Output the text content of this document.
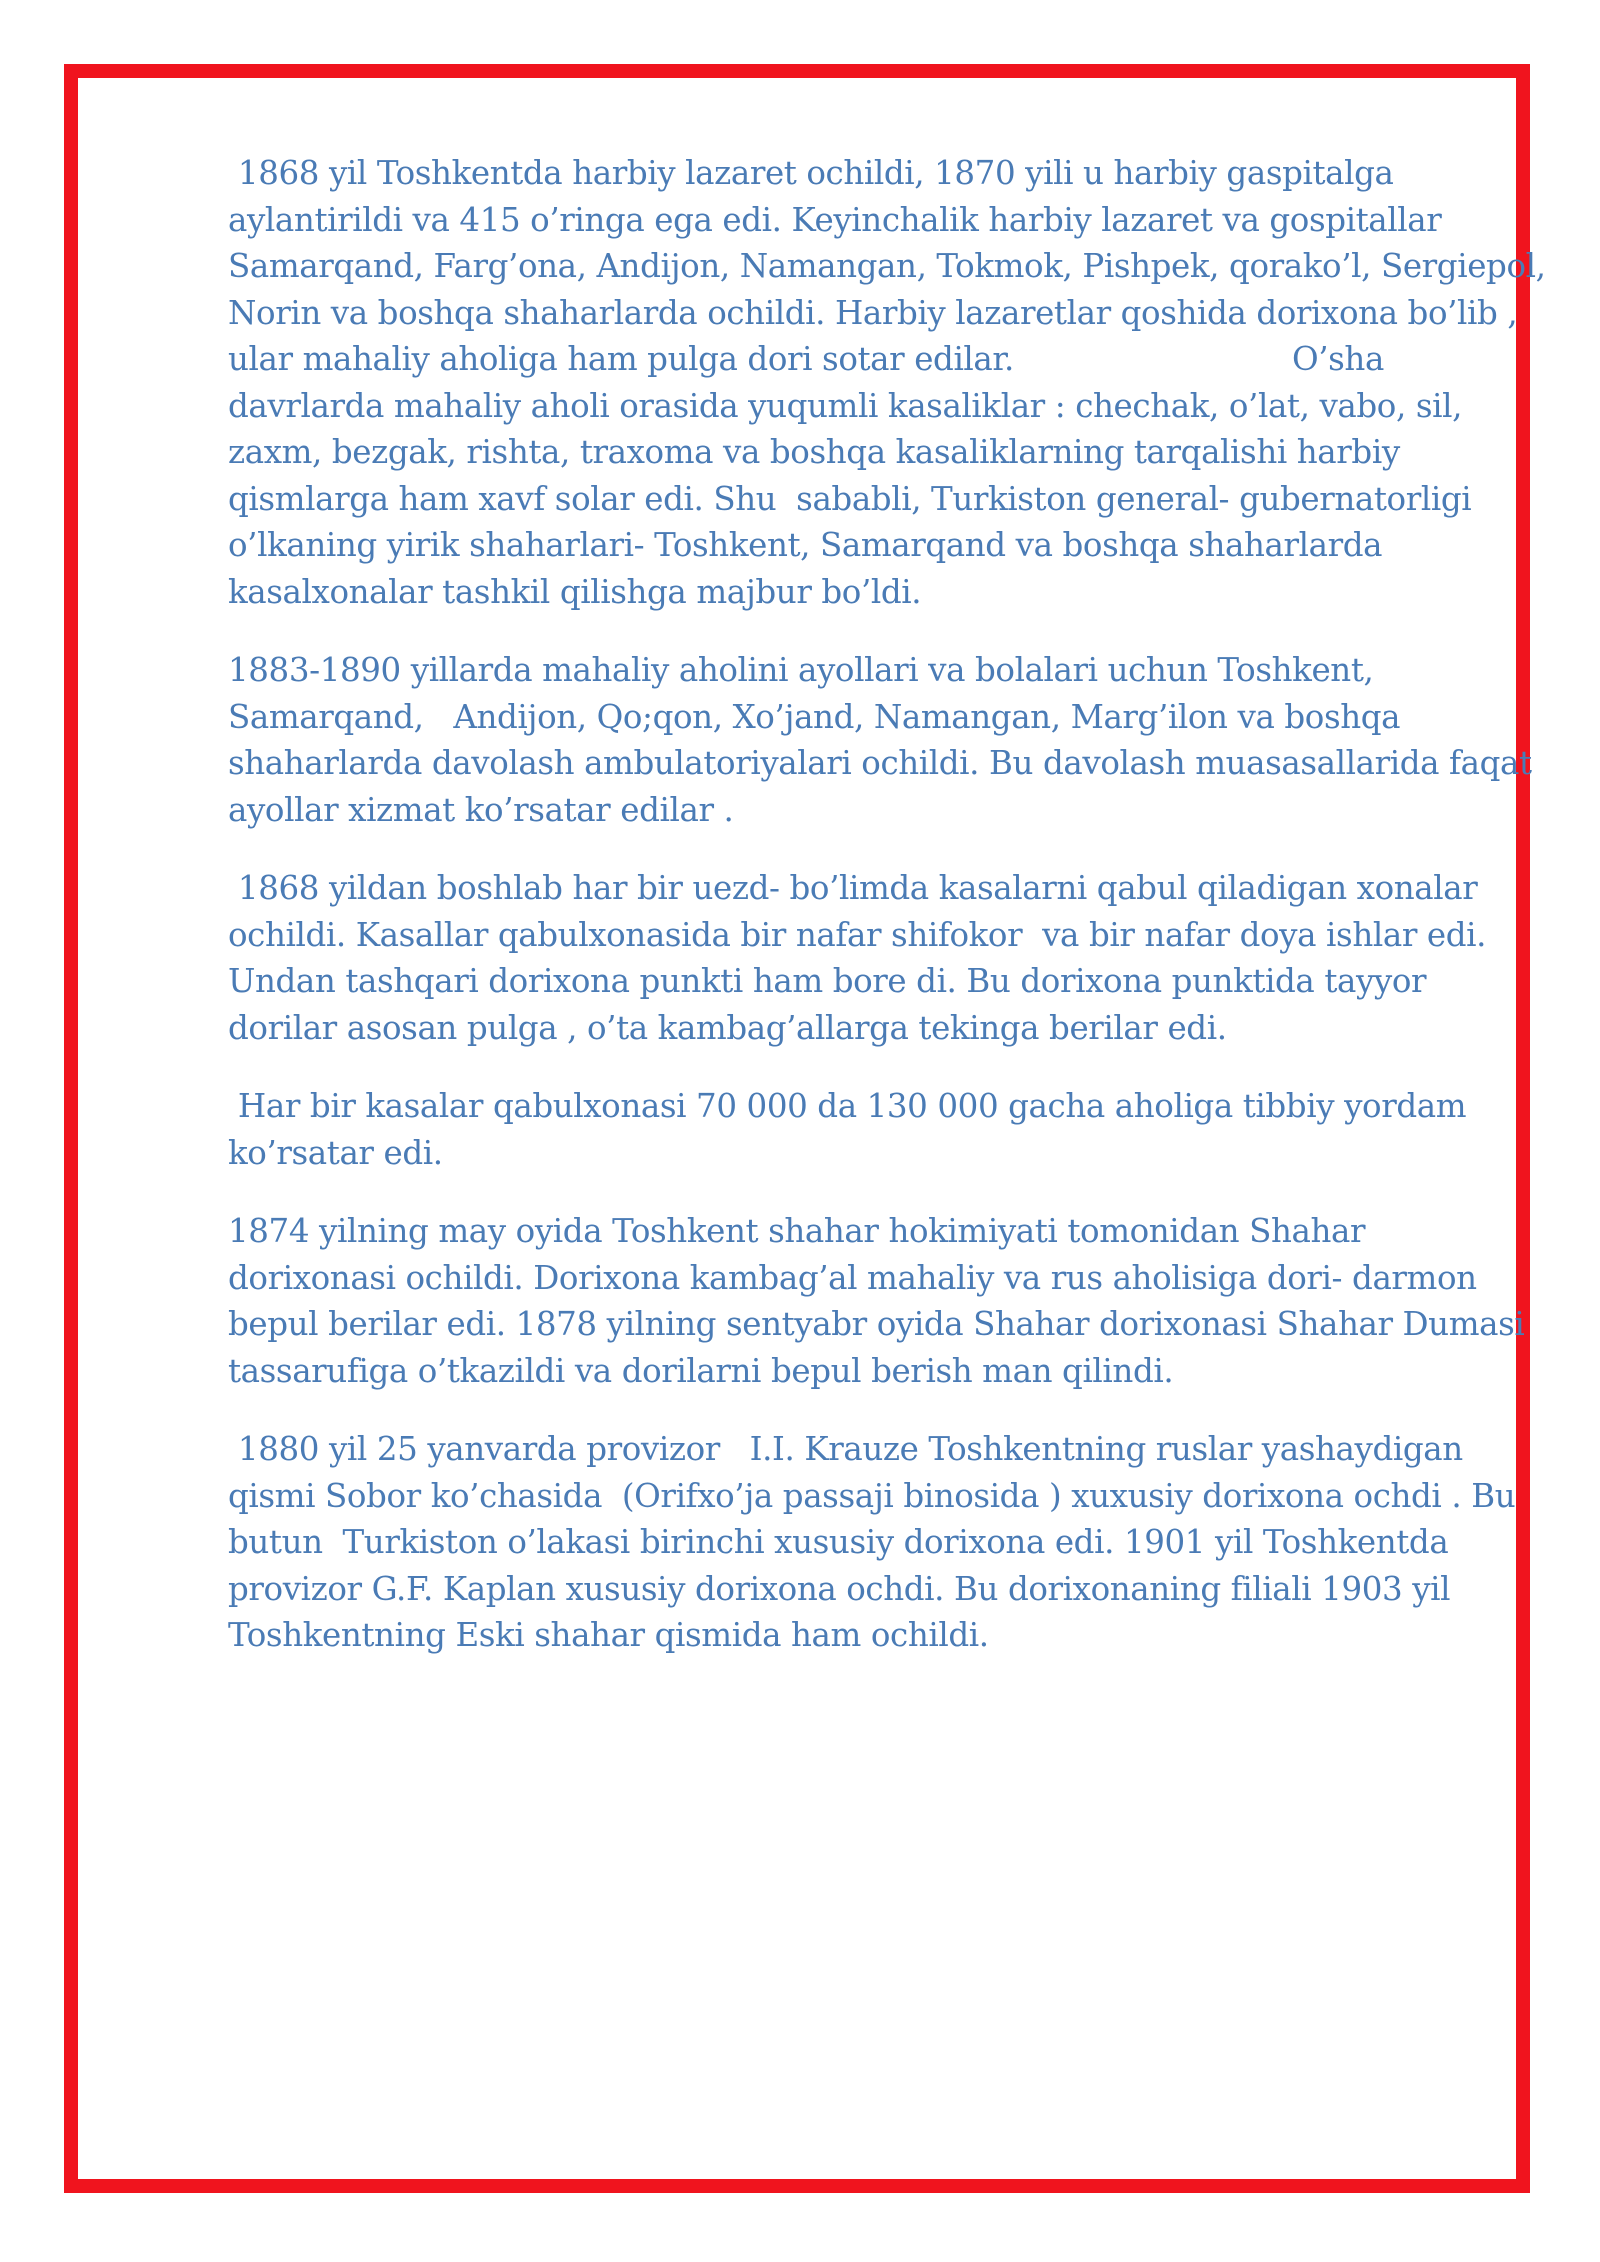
1868 yil Toshkentda harbiy lazaret ochildi, 1870 yili u harbiy gaspitalga
aylantirildi va 415 o’ringa ega edi. Keyinchalik harbiy lazaret va gospitallar
Samarqand, Farg’ona, Andijon, Namangan, Tokmok, Pishpek, qorako’l, Sergiepol,
Norin va boshqa shaharlarda ochildi. Harbiy lazaretlar qoshida dorixona bo’lib ,
ular mahaliy aholiga ham pulga dori sotar edilar.                            O’sha
davrlarda mahaliy aholi orasida yuqumli kasaliklar : chechak, o’lat, vabo, sil,
zaxm, bezgak, rishta, traxoma va boshqa kasaliklarning tarqalishi harbiy
qismlarga ham xavf solar edi. Shu  sababli, Turkiston general- gubernatorligi
o’lkaning yirik shaharlari- Toshkent, Samarqand va boshqa shaharlarda
kasalxonalar tashkil qilishga majbur bo’ldi.
1883-1890 yillarda mahaliy aholini ayollari va bolalari uchun Toshkent,
Samarqand,   Andijon, Qo;qon, Xo’jand, Namangan, Marg’ilon va boshqa
shaharlarda davolash ambulatoriyalari ochildi. Bu davolash muasasallarida faqat
ayollar xizmat ko’rsatar edilar .
1868 yildan boshlab har bir uezd- bo’limda kasalarni qabul qiladigan xonalar
ochildi. Kasallar qabulxonasida bir nafar shifokor  va bir nafar doya ishlar edi.
Undan tashqari dorixona punkti ham bore di. Bu dorixona punktida tayyor
dorilar asosan pulga , o’ta kambag’allarga tekinga berilar edi.
Har bir kasalar qabulxonasi 70 000 da 130 000 gacha aholiga tibbiy yordam
ko’rsatar edi.
1874 yilning may oyida Toshkent shahar hokimiyati tomonidan Shahar
dorixonasi ochildi. Dorixona kambag’al mahaliy va rus aholisiga dori- darmon
bepul berilar edi. 1878 yilning sentyabr oyida Shahar dorixonasi Shahar Dumasi
tassarufiga o’tkazildi va dorilarni bepul berish man qilindi.
1880 yil 25 yanvarda provizor   I.I. Krauze Toshkentning ruslar yashaydigan
qismi Sobor ko’chasida  (Orifxo’ja passaji binosida ) xuxusiy dorixona ochdi . Bu
butun  Turkiston o’lakasi birinchi xususiy dorixona edi. 1901 yil Toshkentda
provizor G.F. Kaplan xususiy dorixona ochdi. Bu dorixonaning filiali 1903 yil
Toshkentning Eski shahar qismida ham ochildi.
